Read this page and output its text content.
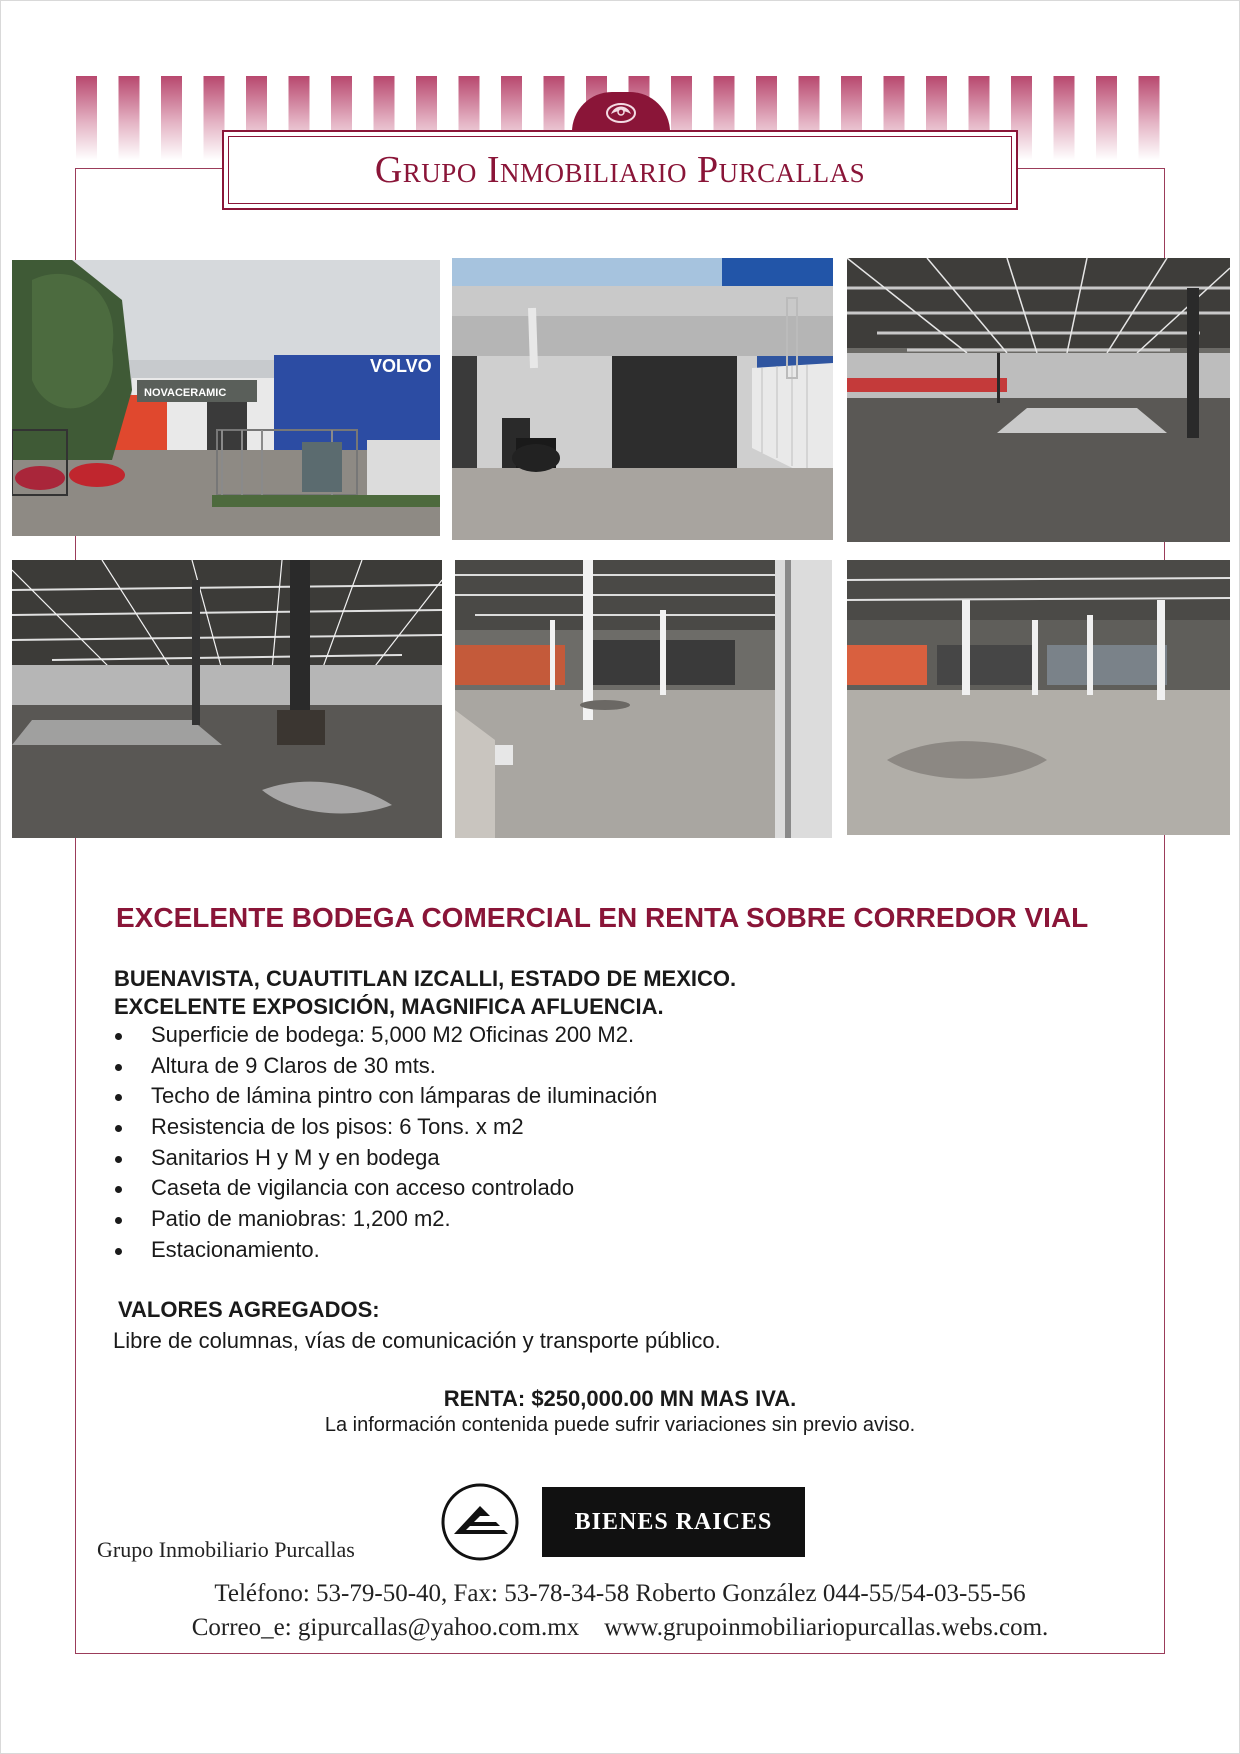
Grupo Inmobiliario Purcallas
NOVACERAMIC
VOLVO
EXCELENTE BODEGA COMERCIAL EN RENTA SOBRE CORREDOR VIAL
BUENAVISTA, CUAUTITLAN IZCALLI, ESTADO DE MEXICO.
EXCELENTE EXPOSICIÓN, MAGNIFICA AFLUENCIA.
Superficie de bodega: 5,000 M2 Oficinas 200 M2.
Altura de 9 Claros de 30 mts.
Techo de lámina pintro con lámparas de iluminación
Resistencia de los pisos: 6 Tons. x m2
Sanitarios H y M y en bodega
Caseta de vigilancia con acceso controlado
Patio de maniobras: 1,200 m2.
Estacionamiento.
VALORES AGREGADOS:
Libre de columnas, vías de comunicación y transporte público.
RENTA: $250,000.00 MN MAS IVA.
La información contenida puede sufrir variaciones sin previo aviso.
BIENES RAICES
Grupo Inmobiliario Purcallas
Teléfono: 53-79-50-40, Fax: 53-78-34-58 Roberto González 044-55/54-03-55-56
Correo_e: gipurcallas@yahoo.com.mx    www.grupoinmobiliariopurcallas.webs.com.
